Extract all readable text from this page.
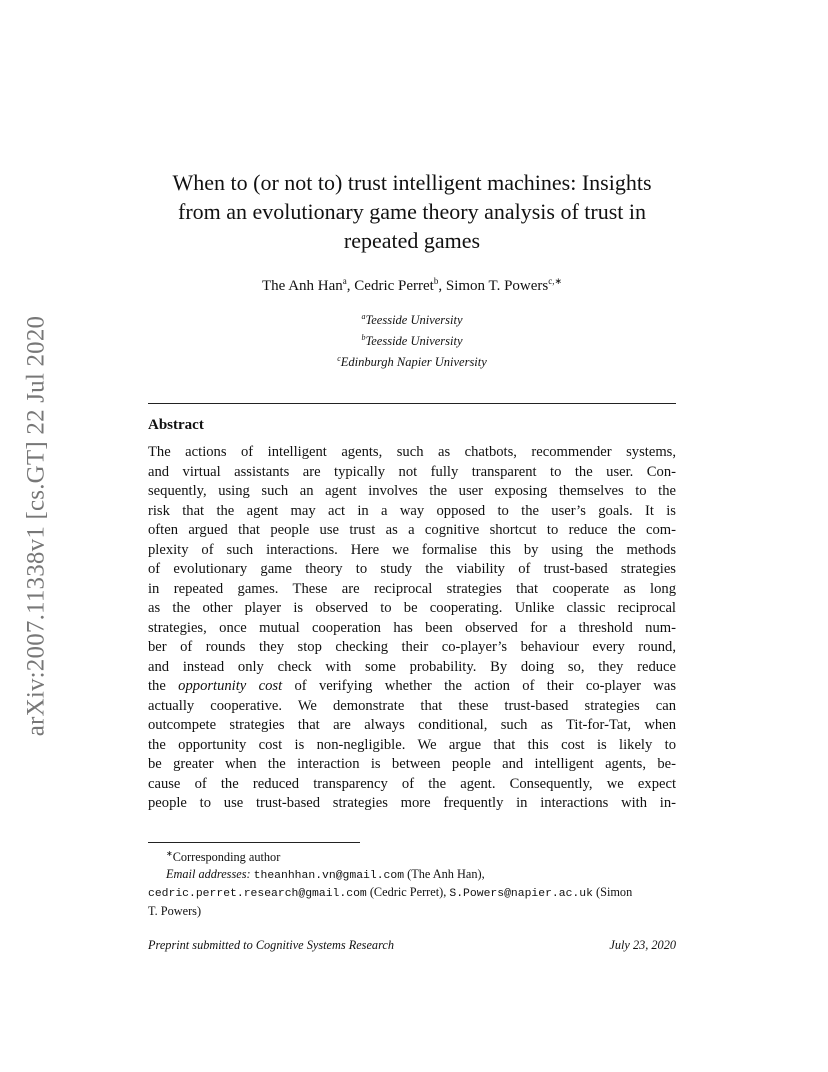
arXiv:2007.11338v1 [cs.GT] 22 Jul 2020
When to (or not to) trust intelligent machines: Insights
from an evolutionary game theory analysis of trust in
repeated games
The Anh Han$^a$, Cedric Perret$^b$, Simon T. Powers$^{c,∗}$
$^a$Teesside University
$^b$Teesside University
$^c$Edinburgh Napier University
Abstract
The actions of intelligent agents, such as chatbots, recommender systems,
and virtual assistants are typically not fully transparent to the user. Con-
sequently, using such an agent involves the user exposing themselves to the
risk that the agent may act in a way opposed to the user’s goals. It is
often argued that people use trust as a cognitive shortcut to reduce the com-
plexity of such interactions. Here we formalise this by using the methods
of evolutionary game theory to study the viability of trust-based strategies
in repeated games. These are reciprocal strategies that cooperate as long
as the other player is observed to be cooperating. Unlike classic reciprocal
strategies, once mutual cooperation has been observed for a threshold num-
ber of rounds they stop checking their co-player’s behaviour every round,
and instead only check with some probability. By doing so, they reduce
the opportunity cost of verifying whether the action of their co-player was
actually cooperative. We demonstrate that these trust-based strategies can
outcompete strategies that are always conditional, such as Tit-for-Tat, when
the opportunity cost is non-negligible. We argue that this cost is likely to
be greater when the interaction is between people and intelligent agents, be-
cause of the reduced transparency of the agent. Consequently, we expect
people to use trust-based strategies more frequently in interactions with in-
∗Corresponding author
Email addresses: theanhhan.vn@gmail.com (The Anh Han),
cedric.perret.research@gmail.com (Cedric Perret), S.Powers@napier.ac.uk (Simon
T. Powers)
Preprint submitted to Cognitive Systems Research	July 23, 2020
